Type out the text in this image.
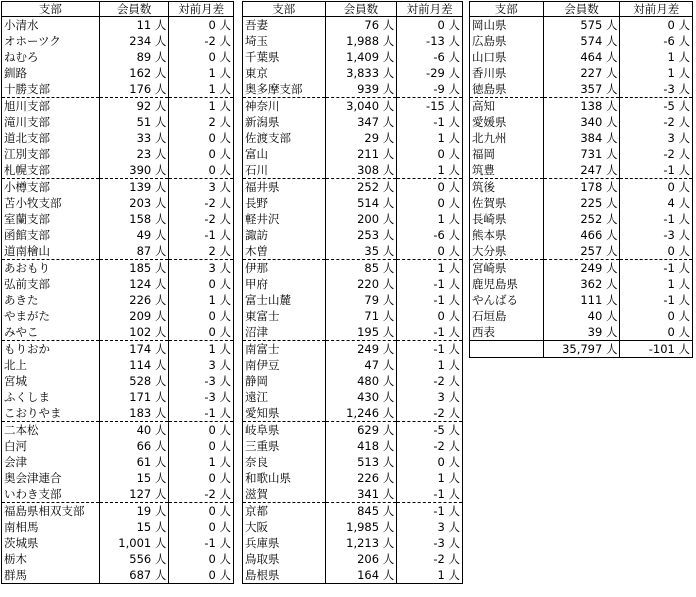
支部	会員数	対前月差
小清水	11 人	0 人
オホーツク	234 人	-2 人
ねむろ	89 人	0 人
釧路	162 人	1 人
十勝支部	176 人	1 人
旭川支部	92 人	1 人
滝川支部	51 人	2 人
道北支部	33 人	0 人
江別支部	23 人	0 人
札幌支部	390 人	0 人
小樽支部	139 人	3 人
苫小牧支部	203 人	-2 人
室蘭支部	158 人	-2 人
函館支部	49 人	-1 人
道南檜山	87 人	2 人
あおもり	185 人	3 人
弘前支部	124 人	0 人
あきた	226 人	1 人
やまがた	209 人	0 人
みやこ	102 人	0 人
もりおか	174 人	1 人
北上	114 人	3 人
宮城	528 人	-3 人
ふくしま	171 人	-3 人
こおりやま	183 人	-1 人
二本松	40 人	0 人
白河	66 人	0 人
会津	61 人	1 人
奥会津連合	15 人	0 人
いわき支部	127 人	-2 人
福島県相双支部	19 人	0 人
南相馬	15 人	0 人
茨城県	1,001 人	-1 人
栃木	556 人	0 人
群馬	687 人	0 人
支部	会員数	対前月差
吾妻	76 人	0 人
埼玉	1,988 人	-13 人
千葉県	1,409 人	-6 人
東京	3,833 人	-29 人
奥多摩支部	939 人	-9 人
神奈川	3,040 人	-15 人
新潟県	347 人	-1 人
佐渡支部	29 人	1 人
富山	211 人	0 人
石川	308 人	1 人
福井県	252 人	0 人
長野	514 人	0 人
軽井沢	200 人	1 人
諏訪	253 人	-6 人
木曽	35 人	0 人
伊那	85 人	1 人
甲府	220 人	-1 人
富士山麓	79 人	-1 人
東富士	71 人	0 人
沼津	195 人	-1 人
南富士	249 人	-1 人
南伊豆	47 人	1 人
静岡	480 人	-2 人
遠江	430 人	3 人
愛知県	1,246 人	-2 人
岐阜県	629 人	-5 人
三重県	418 人	-2 人
奈良	513 人	0 人
和歌山県	226 人	1 人
滋賀	341 人	-1 人
京都	845 人	-1 人
大阪	1,985 人	3 人
兵庫県	1,213 人	-3 人
鳥取県	206 人	-2 人
島根県	164 人	1 人
支部	会員数	対前月差
岡山県	575 人	0 人
広島県	574 人	-6 人
山口県	464 人	1 人
香川県	227 人	1 人
徳島県	357 人	-3 人
高知	138 人	-5 人
愛媛県	340 人	-2 人
北九州	384 人	3 人
福岡	731 人	-2 人
筑豊	247 人	-1 人
筑後	178 人	0 人
佐賀県	225 人	4 人
長崎県	252 人	-1 人
熊本県	466 人	-3 人
大分県	257 人	0 人
宮崎県	249 人	-1 人
鹿児島県	362 人	1 人
やんばる	111 人	-1 人
石垣島	40 人	0 人
西表	39 人	0 人
	35,797 人	-101 人
